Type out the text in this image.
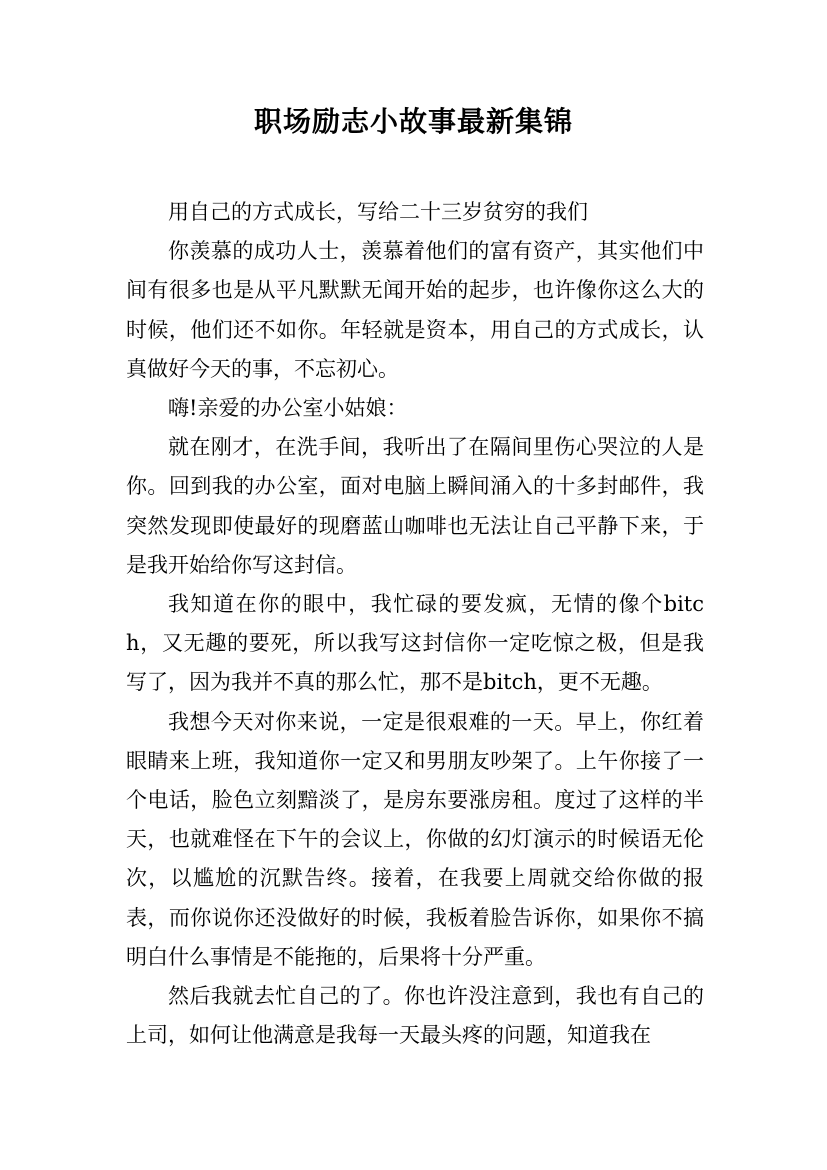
职场励志小故事最新集锦

用自己的方式成长，写给二十三岁贫穷的我们

你羡慕的成功人士，羡慕着他们的富有资产，其实他们中间有很多也是从平凡默默无闻开始的起步，也许像你这么大的时候，他们还不如你。年轻就是资本，用自己的方式成长，认真做好今天的事，不忘初心。

嗨!亲爱的办公室小姑娘：

就在刚才，在洗手间，我听出了在隔间里伤心哭泣的人是你。回到我的办公室，面对电脑上瞬间涌入的十多封邮件，我突然发现即使最好的现磨蓝山咖啡也无法让自己平静下来，于是我开始给你写这封信。

我知道在你的眼中，我忙碌的要发疯，无情的像个bitch，又无趣的要死，所以我写这封信你一定吃惊之极，但是我写了，因为我并不真的那么忙，那不是bitch，更不无趣。

我想今天对你来说，一定是很艰难的一天。早上，你红着眼睛来上班，我知道你一定又和男朋友吵架了。上午你接了一个电话，脸色立刻黯淡了，是房东要涨房租。度过了这样的半天，也就难怪在下午的会议上，你做的幻灯演示的时候语无伦次，以尴尬的沉默告终。接着，在我要上周就交给你做的报表，而你说你还没做好的时候，我板着脸告诉你，如果你不搞明白什么事情是不能拖的，后果将十分严重。

然后我就去忙自己的了。你也许没注意到，我也有自己的上司，如何让他满意是我每一天最头疼的问题，知道我在
